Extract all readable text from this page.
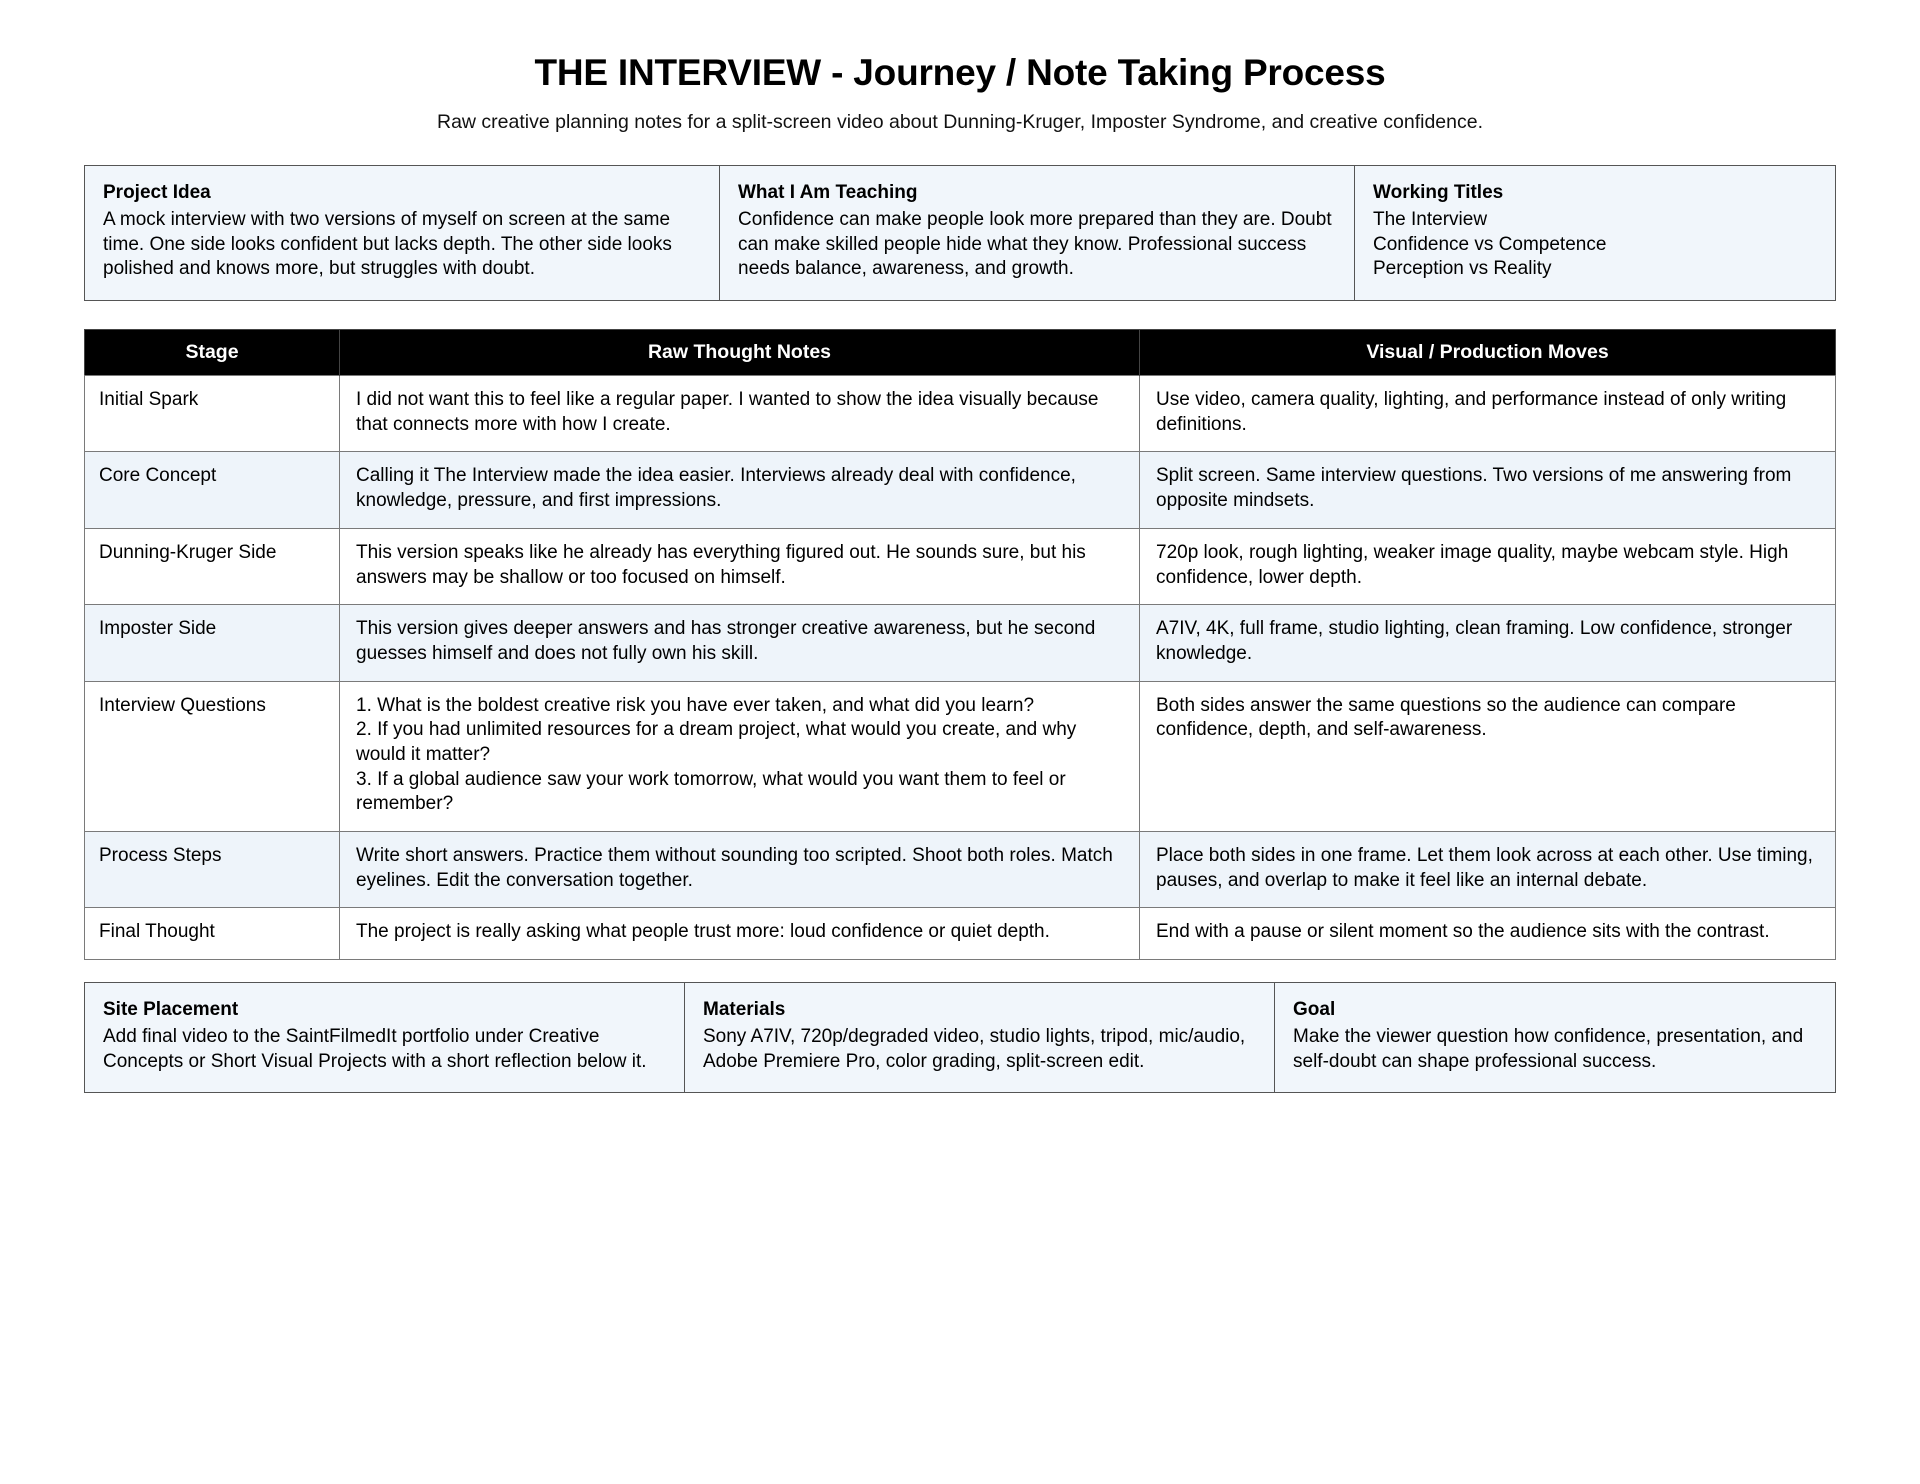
THE INTERVIEW - Journey / Note Taking Process

Raw creative planning notes for a split-screen video about Dunning-Kruger, Imposter Syndrome, and creative confidence.

Project Idea

A mock interview with two versions of myself on screen at the same time. One side looks confident but lacks depth. The other side looks polished and knows more, but struggles with doubt.

What I Am Teaching

Confidence can make people look more prepared than they are. Doubt can make skilled people hide what they know. Professional success needs balance, awareness, and growth.

Working Titles

The Interview
Confidence vs Competence
Perception vs Reality

Stage	Raw Thought Notes	Visual / Production Moves
Initial Spark	I did not want this to feel like a regular paper. I wanted to show the idea visually because that connects more with how I create.	Use video, camera quality, lighting, and performance instead of only writing definitions.
Core Concept	Calling it The Interview made the idea easier. Interviews already deal with confidence, knowledge, pressure, and first impressions.	Split screen. Same interview questions. Two versions of me answering from opposite mindsets.
Dunning-Kruger Side	This version speaks like he already has everything figured out. He sounds sure, but his answers may be shallow or too focused on himself.	720p look, rough lighting, weaker image quality, maybe webcam style. High confidence, lower depth.
Imposter Side	This version gives deeper answers and has stronger creative awareness, but he second guesses himself and does not fully own his skill.	A7IV, 4K, full frame, studio lighting, clean framing. Low confidence, stronger knowledge.
Interview Questions	1. What is the boldest creative risk you have ever taken, and what did you learn?
2. If you had unlimited resources for a dream project, what would you create, and why would it matter?
3. If a global audience saw your work tomorrow, what would you want them to feel or remember?	Both sides answer the same questions so the audience can compare confidence, depth, and self-awareness.
Process Steps	Write short answers. Practice them without sounding too scripted. Shoot both roles. Match eyelines. Edit the conversation together.	Place both sides in one frame. Let them look across at each other. Use timing, pauses, and overlap to make it feel like an internal debate.
Final Thought	The project is really asking what people trust more: loud confidence or quiet depth.	End with a pause or silent moment so the audience sits with the contrast.
Site Placement

Add final video to the SaintFilmedIt portfolio under Creative Concepts or Short Visual Projects with a short reflection below it.

Materials

Sony A7IV, 720p/degraded video, studio lights, tripod, mic/audio, Adobe Premiere Pro, color grading, split-screen edit.

Goal

Make the viewer question how confidence, presentation, and self-doubt can shape professional success.
